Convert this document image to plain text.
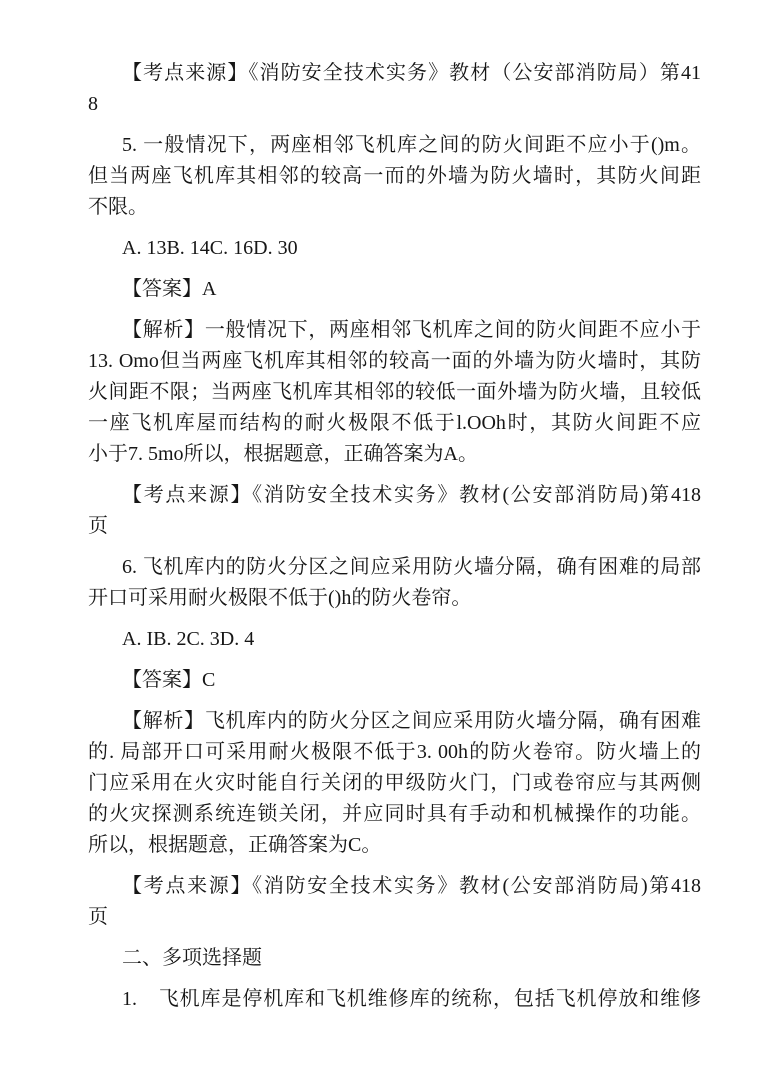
【考点来源】《消防安全技术实务》教材（公安部消防局）第41
8
5. 一般情况下，两座相邻飞机库之间的防火间距不应小于()m。
但当两座飞机库其相邻的较高一而的外墙为防火墙时，其防火间距
不限。
A. 13B. 14C. 16D. 30
【答案】A
【解析】一般情况下，两座相邻飞机库之间的防火间距不应小于
13. Omo但当两座飞机库其相邻的较高一面的外墙为防火墙时，其防
火间距不限；当两座飞机库其相邻的较低一面外墙为防火墙，且较低
一座飞机库屋而结构的耐火极限不低于l.OOh时，其防火间距不应
小于7. 5mo所以，根据题意，正确答案为A。
【考点来源】《消防安全技术实务》教材(公安部消防局)第418
页
6. 飞机库内的防火分区之间应采用防火墙分隔，确有困难的局部
开口可采用耐火极限不低于()h的防火卷帘。
A. IB. 2C. 3D. 4
【答案】C
【解析】飞机库内的防火分区之间应采用防火墙分隔，确有困难
的. 局部开口可采用耐火极限不低于3. 00h的防火卷帘。防火墙上的
门应采用在火灾时能自行关闭的甲级防火门，门或卷帘应与其两侧
的火灾探测系统连锁关闭，并应同时具有手动和机械操作的功能。
所以，根据题意，正确答案为C。
【考点来源】《消防安全技术实务》教材(公安部消防局)第418
页
二、多项选择题
1.　飞机库是停机库和飞机维修库的统称，包括飞机停放和维修
